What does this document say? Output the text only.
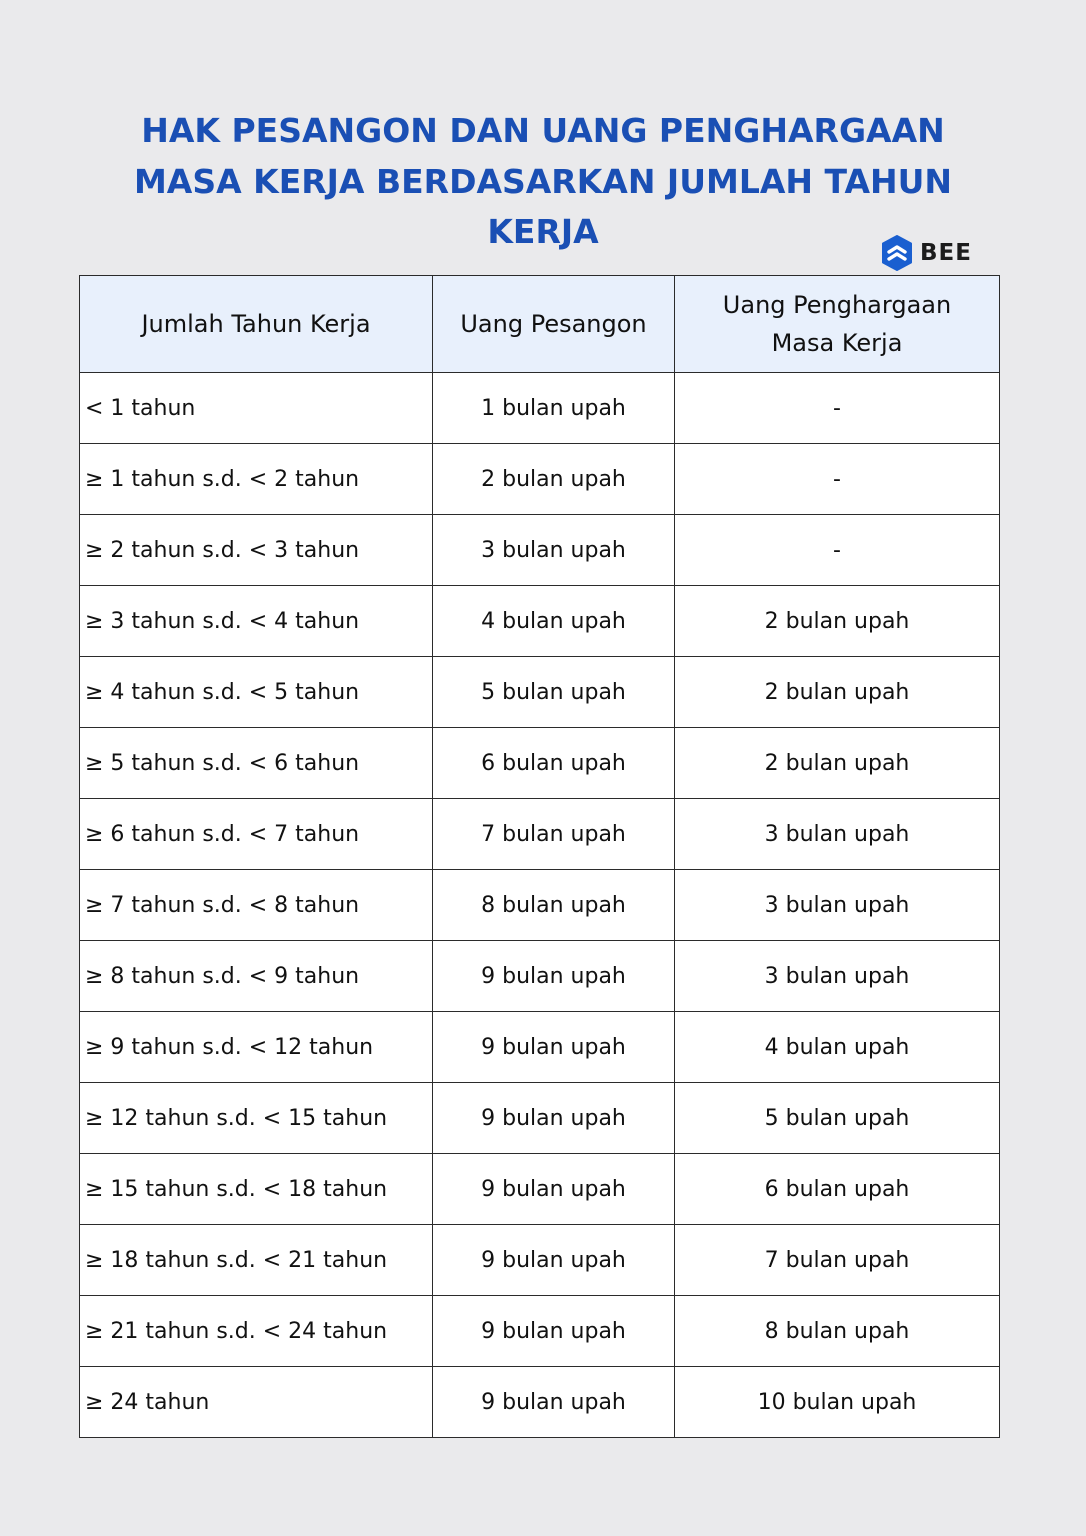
HAK PESANGON DAN UANG PENGHARGAAN
MASA KERJA BERDASARKAN JUMLAH TAHUN
KERJA
BEE
Jumlah Tahun Kerja	Uang Pesangon	Uang Penghargaan
Masa Kerja
< 1 tahun	1 bulan upah	-
≥ 1 tahun s.d. < 2 tahun	2 bulan upah	-
≥ 2 tahun s.d. < 3 tahun	3 bulan upah	-
≥ 3 tahun s.d. < 4 tahun	4 bulan upah	2 bulan upah
≥ 4 tahun s.d. < 5 tahun	5 bulan upah	2 bulan upah
≥ 5 tahun s.d. < 6 tahun	6 bulan upah	2 bulan upah
≥ 6 tahun s.d. < 7 tahun	7 bulan upah	3 bulan upah
≥ 7 tahun s.d. < 8 tahun	8 bulan upah	3 bulan upah
≥ 8 tahun s.d. < 9 tahun	9 bulan upah	3 bulan upah
≥ 9 tahun s.d. < 12 tahun	9 bulan upah	4 bulan upah
≥ 12 tahun s.d. < 15 tahun	9 bulan upah	5 bulan upah
≥ 15 tahun s.d. < 18 tahun	9 bulan upah	6 bulan upah
≥ 18 tahun s.d. < 21 tahun	9 bulan upah	7 bulan upah
≥ 21 tahun s.d. < 24 tahun	9 bulan upah	8 bulan upah
≥ 24 tahun	9 bulan upah	10 bulan upah
